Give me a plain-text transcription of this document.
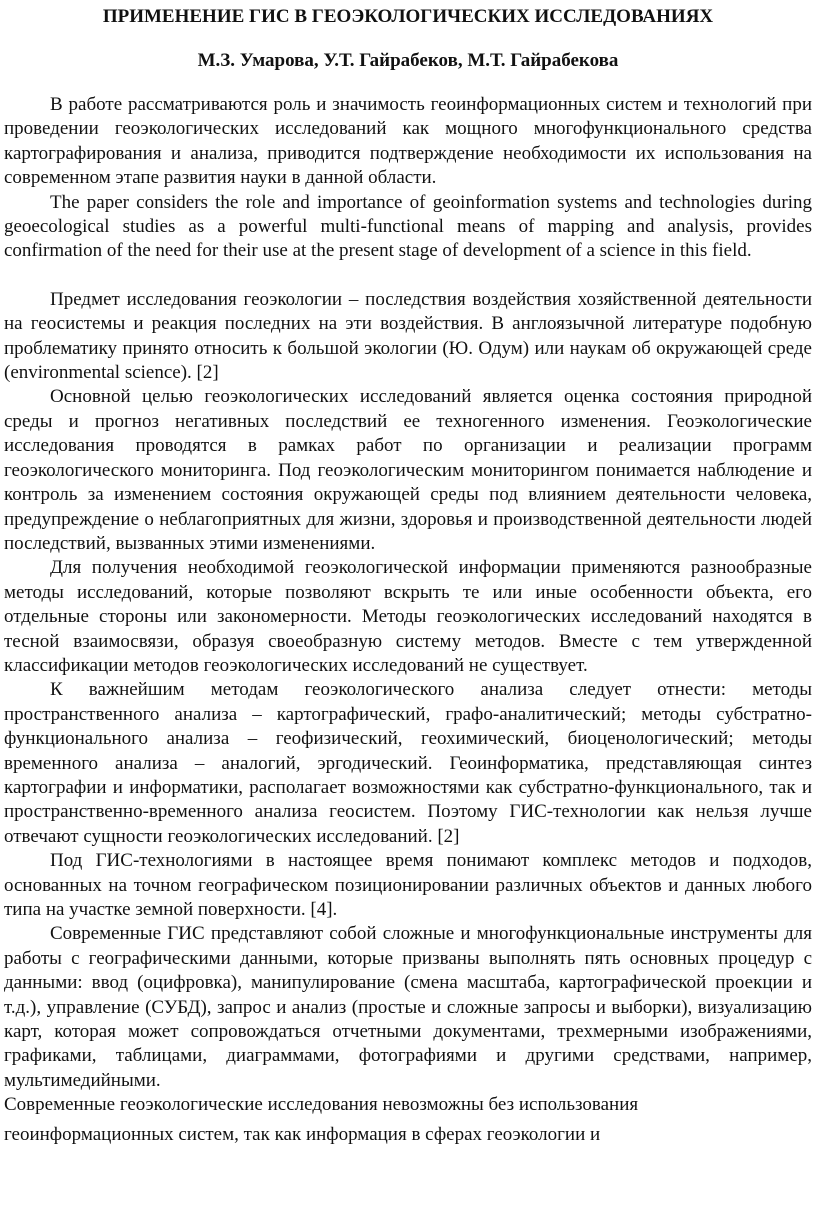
ПРИМЕНЕНИЕ ГИС В ГЕОЭКОЛОГИЧЕСКИХ ИССЛЕДОВАНИЯХ

М.З. Умарова, У.Т. Гайрабеков, М.Т. Гайрабекова

В работе рассматриваются роль и значимость геоинформационных систем и технологий при проведении геоэкологических исследований как мощного многофункционального средства картографирования и анализа, приводится подтверждение необходимости их использования на современном этапе развития науки в данной области.

The paper considers the role and importance of geoinformation systems and technologies during geoecological studies as a powerful multi-functional means of mapping and analysis, provides confirmation of the need for their use at the present stage of development of a science in this field.

Предмет исследования геоэкологии – последствия воздействия хозяйственной деятельности на геосистемы и реакция последних на эти воздействия. В англоязычной литературе подобную проблематику принято относить к большой экологии (Ю. Одум) или наукам об окружающей среде (environmental science). [2]

Основной целью геоэкологических исследований является оценка состояния природной среды и прогноз негативных последствий ее техногенного изменения. Геоэкологические исследования проводятся в рамках работ по организации и реализации программ геоэкологического мониторинга. Под геоэкологическим мониторингом понимается наблюдение и контроль за изменением состояния окружающей среды под влиянием деятельности человека, предупреждение о неблагоприятных для жизни, здоровья и производственной деятельности людей последствий, вызванных этими изменениями.

Для получения необходимой геоэкологической информации применяются разнообразные методы исследований, которые позволяют вскрыть те или иные особенности объекта, его отдельные стороны или закономерности. Методы геоэкологических исследований находятся в тесной взаимосвязи, образуя своеобразную систему методов. Вместе с тем утвержденной классификации методов геоэкологических исследований не существует.

К важнейшим методам геоэкологического анализа следует отнести: методы пространственного анализа – картографический, графо-аналитический; методы субстратно-функционального анализа – геофизический, геохимический, биоценологический; методы временного анализа – аналогий, эргодический. Геоинформатика, представляющая синтез картографии и информатики, располагает возможностями как субстратно-функционального, так и пространственно-временного анализа геосистем. Поэтому ГИС-технологии как нельзя лучше отвечают сущности геоэкологических исследований. [2]

Под ГИС-технологиями в настоящее время понимают комплекс методов и подходов, основанных на точном географическом позиционировании различных объектов и данных любого типа на участке земной поверхности. [4].

Современные ГИС представляют собой сложные и многофункциональные инструменты для работы с географическими данными, которые призваны выполнять пять основных процедур с данными: ввод (оцифровка), манипулирование (смена масштаба, картографической проекции и т.д.), управление (СУБД), запрос и анализ (простые и сложные запросы и выборки), визуализацию карт, которая может сопровождаться отчетными документами, трехмерными изображениями, графиками, таблицами, диаграммами, фотографиями и другими средствами, например, мультимедийными.

Современные геоэкологические исследования невозможны без использования

геоинформационных систем, так как информация в сферах геоэкологии и
